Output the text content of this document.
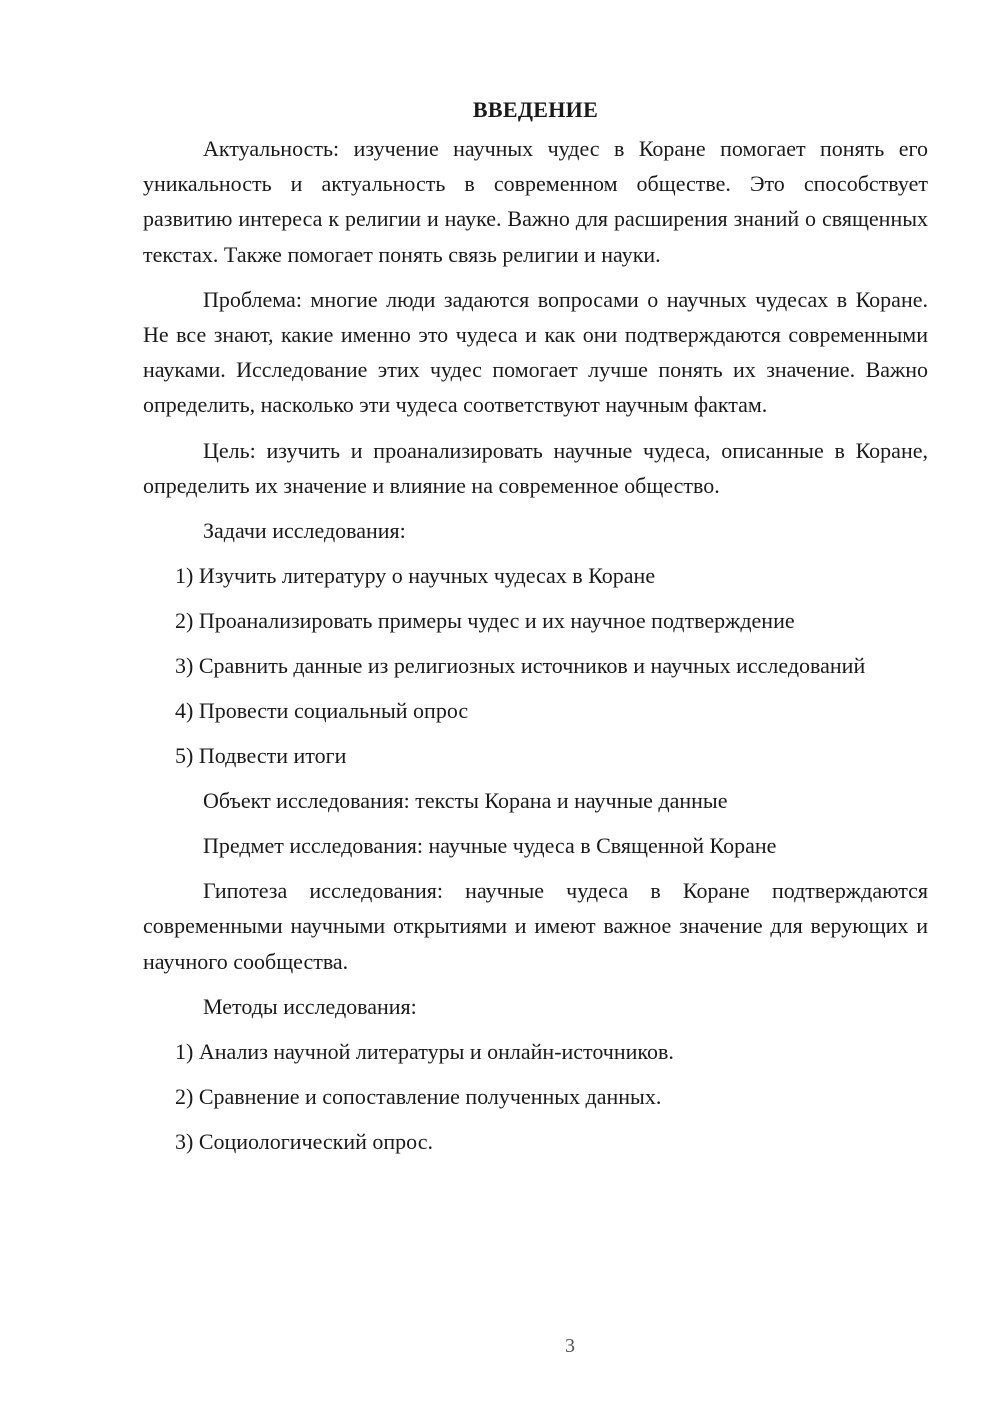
ВВЕДЕНИЕ

Актуальность: изучение научных чудес в Коране помогает понять его уникальность и актуальность в современном обществе. Это способствует развитию интереса к религии и науке. Важно для расширения знаний о священных текстах. Также помогает понять связь религии и науки.

Проблема: многие люди задаются вопросами о научных чудесах в Коране. Не все знают, какие именно это чудеса и как они подтверждаются современными науками. Исследование этих чудес помогает лучше понять их значение. Важно определить, насколько эти чудеса соответствуют научным фактам.

Цель: изучить и проанализировать научные чудеса, описанные в Коране, определить их значение и влияние на современное общество.

Задачи исследования:

1) Изучить литературу о научных чудесах в Коране

2) Проанализировать примеры чудес и их научное подтверждение

3) Сравнить данные из религиозных источников и научных исследований

4) Провести социальный опрос

5) Подвести итоги

Объект исследования: тексты Корана и научные данные

Предмет исследования: научные чудеса в Священной Коране

Гипотеза исследования: научные чудеса в Коране подтверждаются современными научными открытиями и имеют важное значение для верующих и научного сообщества.

Методы исследования:

1) Анализ научной литературы и онлайн-источников.

2) Сравнение и сопоставление полученных данных.

3) Социологический опрос.

3
